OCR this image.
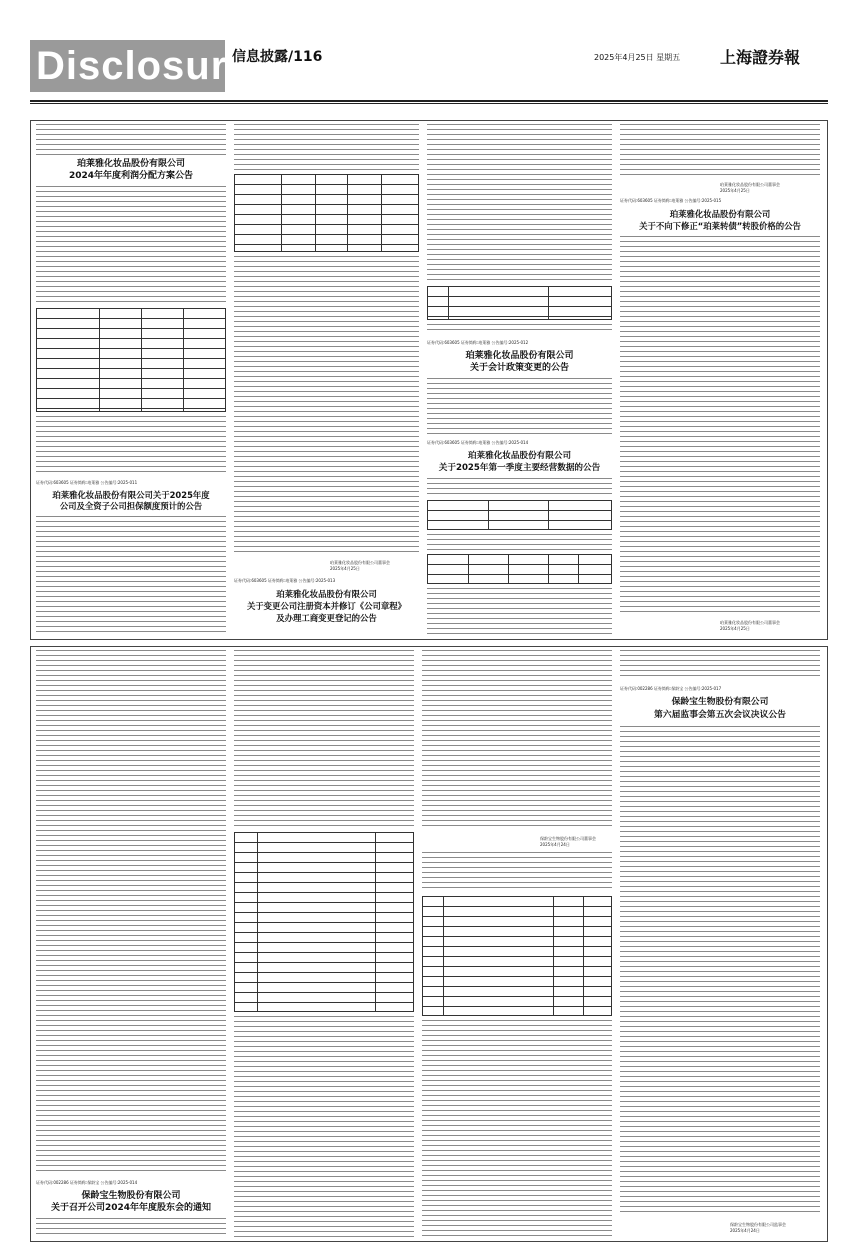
Disclosure
信息披露/116	2025年4月25日 星期五 上海證券報
珀莱雅化妆品股份有限公司
2024年年度利润分配方案公告
证券代码:603605 证券简称:珀莱雅 公告编号:2025-011
珀莱雅化妆品股份有限公司关于2025年度
公司及全资子公司担保额度预计的公告
珀莱雅化妆品股份有限公司董事会
2025年4月25日
证券代码:603605 证券简称:珀莱雅 公告编号:2025-013
珀莱雅化妆品股份有限公司
关于变更公司注册资本并修订《公司章程》
及办理工商变更登记的公告
证券代码:603605 证券简称:珀莱雅 公告编号:2025-012
珀莱雅化妆品股份有限公司
关于会计政策变更的公告
证券代码:603605 证券简称:珀莱雅 公告编号:2025-014
珀莱雅化妆品股份有限公司
关于2025年第一季度主要经营数据的公告
珀莱雅化妆品股份有限公司董事会
2025年4月25日
证券代码:603605 证券简称:珀莱雅 公告编号:2025-015
珀莱雅化妆品股份有限公司
关于不向下修正“珀莱转债”转股价格的公告
珀莱雅化妆品股份有限公司董事会
2025年4月25日
证券代码:002286 证券简称:保龄宝 公告编号:2025-014
保龄宝生物股份有限公司
关于召开公司2024年年度股东会的通知
保龄宝生物股份有限公司董事会
2025年4月24日
证券代码:002286 证券简称:保龄宝 公告编号:2025-017
保龄宝生物股份有限公司
第六届监事会第五次会议决议公告
保龄宝生物股份有限公司监事会
2025年4月24日
